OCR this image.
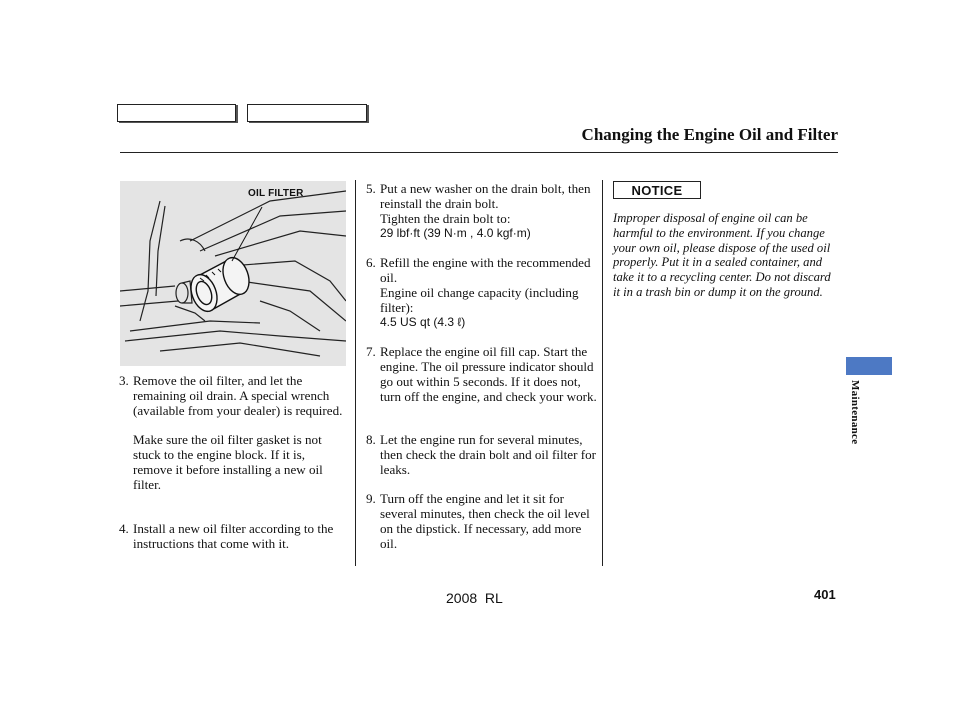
Changing the Engine Oil and Filter
OIL FILTER
3. Remove the oil filter, and let the remaining oil drain. A special wrench (available from your dealer) is required.
Make sure the oil filter gasket is not stuck to the engine block. If it is, remove it before installing a new oil filter.
4. Install a new oil filter according to the instructions that come with it.
5. Put a new washer on the drain bolt, then reinstall the drain bolt.
Tighten the drain bolt to:
29 lbf·ft (39 N·m , 4.0 kgf·m)
6. Refill the engine with the recommended oil.
Engine oil change capacity (including filter):
4.5 US qt (4.3 ℓ)
7. Replace the engine oil fill cap. Start the engine. The oil pressure indicator should go out within 5 seconds. If it does not, turn off the engine, and check your work.
8. Let the engine run for several minutes, then check the drain bolt and oil filter for leaks.
9. Turn off the engine and let it sit for several minutes, then check the oil level on the dipstick. If necessary, add more oil.
NOTICE
Improper disposal of engine oil can be harmful to the environment. If you change your own oil, please dispose of the used oil properly. Put it in a sealed container, and take it to a recycling center. Do not discard it in a trash bin or dump it on the ground.
Maintenance
2008  RL	401
